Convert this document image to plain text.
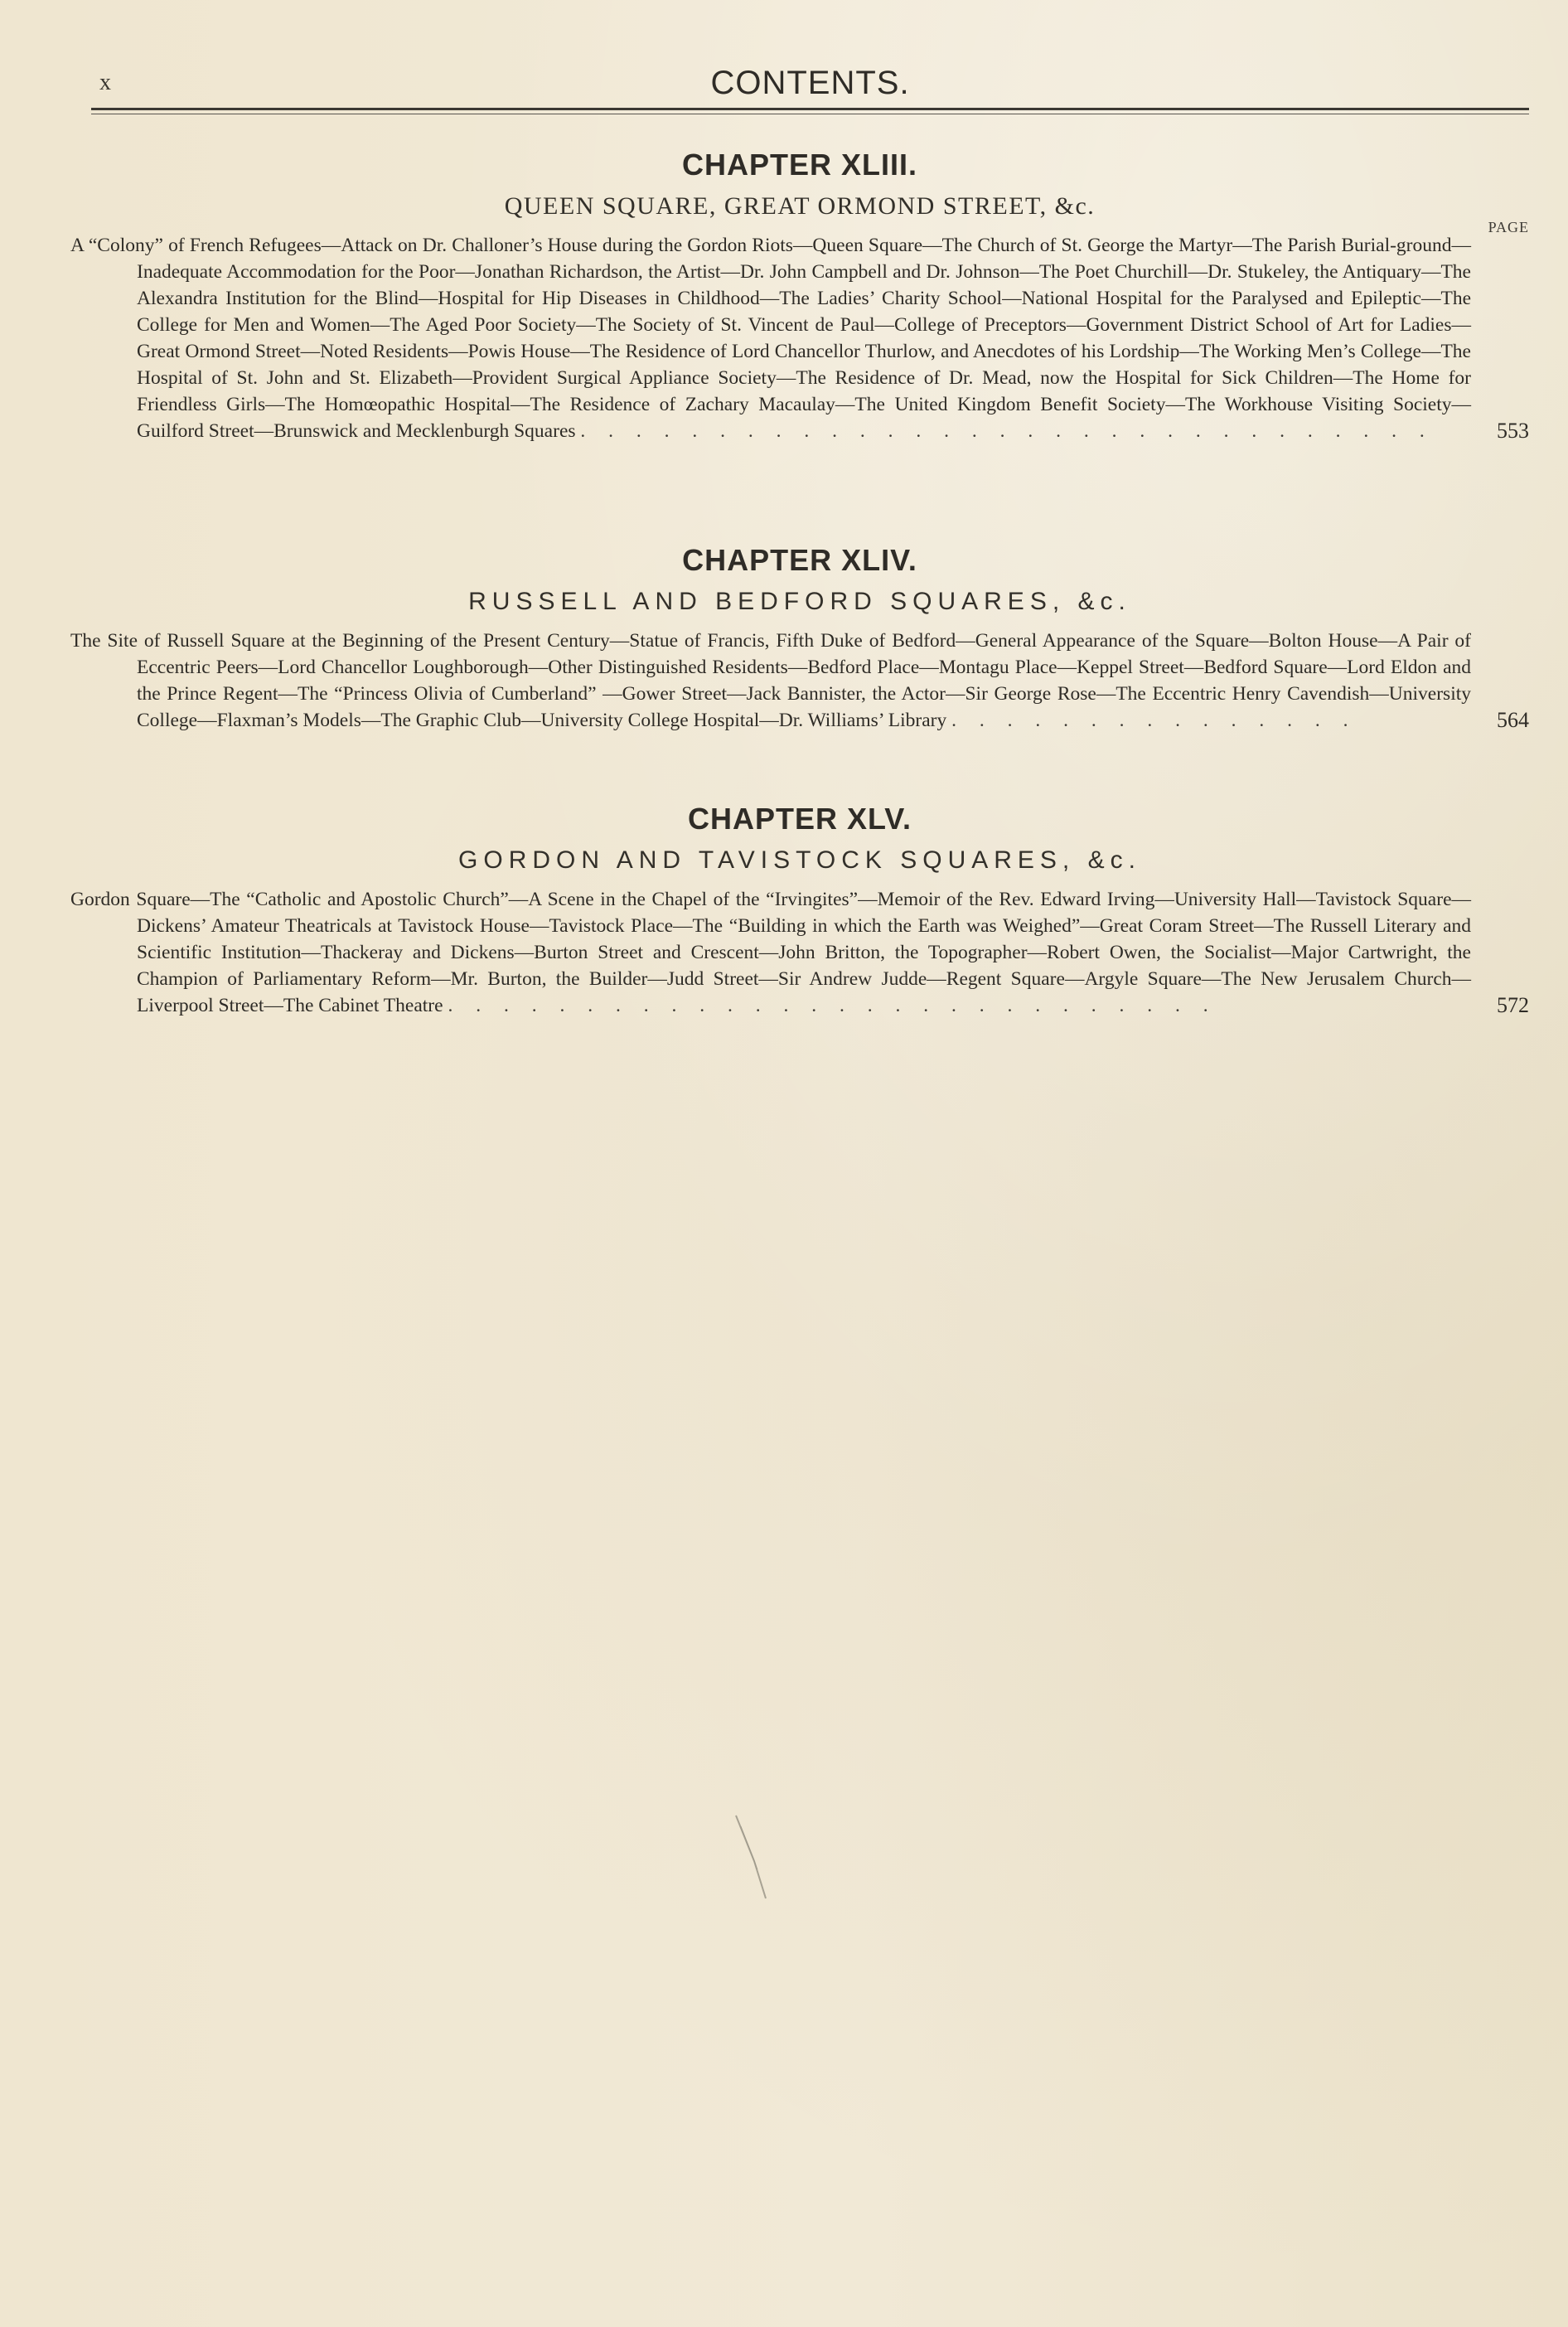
x	CONTENTS.
CHAPTER XLIII.

QUEEN SQUARE, GREAT ORMOND STREET, &c.

PAGE

A “Colony” of French Refugees—Attack on Dr. Challoner’s House during the Gordon Riots—Queen Square—The Church of St. George the Martyr—The Parish Burial-ground—Inadequate Accommodation for the Poor—Jonathan Richardson, the Artist—Dr. John Campbell and Dr. Johnson—The Poet Churchill—Dr. Stukeley, the Antiquary—The Alexandra Institution for the Blind—Hospital for Hip Diseases in Childhood—The Ladies’ Charity School—National Hospital for the Paralysed and Epileptic—The College for Men and Women—The Aged Poor Society—The Society of St. Vincent de Paul—College of Preceptors—Government District School of Art for Ladies—Great Ormond Street—Noted Residents—Powis House—The Residence of Lord Chancellor Thurlow, and Anecdotes of his Lordship—The Working Men’s College—The Hospital of St. John and St. Elizabeth—Provident Surgical Appliance Society—The Residence of Dr. Mead, now the Hospital for Sick Children—The Home for Friendless Girls—The Homœopathic Hospital—The Residence of Zachary Macaulay—The United Kingdom Benefit Society—The Workhouse Visiting Society—Guilford Street—Brunswick and Mecklenburgh Squares . . . . . . . . . . . . . . . . . . . . . . . . . . . . . . .	553

CHAPTER XLIV.

RUSSELL AND BEDFORD SQUARES, &c.

The Site of Russell Square at the Beginning of the Present Century—Statue of Francis, Fifth Duke of Bedford—General Appearance of the Square—Bolton House—A Pair of Eccentric Peers—Lord Chancellor Loughborough—Other Distinguished Residents—Bedford Place—Montagu Place—Keppel Street—Bedford Square—Lord Eldon and the Prince Regent—The “Princess Olivia of Cumberland” —Gower Street—Jack Bannister, the Actor—Sir George Rose—The Eccentric Henry Cavendish—University College—Flaxman’s Models—The Graphic Club—University College Hospital—Dr. Williams’ Library . . . . . . . . . . . . . . .	564

CHAPTER XLV.

GORDON AND TAVISTOCK SQUARES, &c.

Gordon Square—The “Catholic and Apostolic Church”—A Scene in the Chapel of the “Irvingites”—Memoir of the Rev. Edward Irving—University Hall—Tavistock Square—Dickens’ Amateur Theatricals at Tavistock House—Tavistock Place—The “Building in which the Earth was Weighed”—Great Coram Street—The Russell Literary and Scientific Institution—Thackeray and Dickens—Burton Street and Crescent—John Britton, the Topographer—Robert Owen, the Socialist—Major Cartwright, the Champion of Parliamentary Reform—Mr. Burton, the Builder—Judd Street—Sir Andrew Judde—Regent Square—Argyle Square—The New Jerusalem Church—Liverpool Street—The Cabinet Theatre . . . . . . . . . . . . . . . . . . . . . . . . . . . .	572
